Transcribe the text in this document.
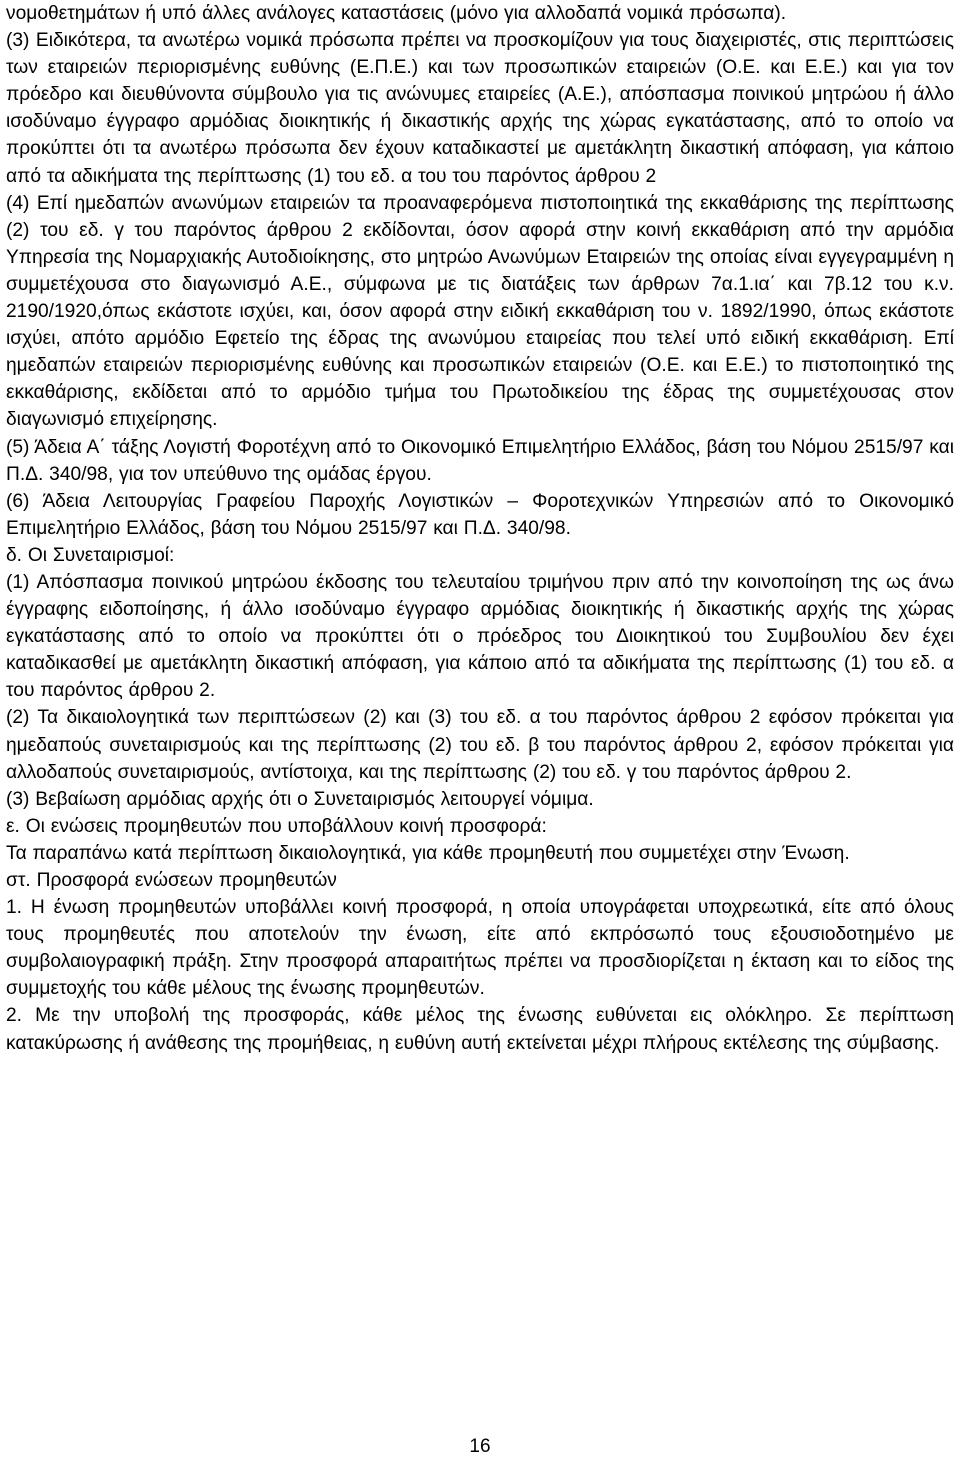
νομοθετημάτων ή υπό άλλες ανάλογες καταστάσεις (μόνο για αλλοδαπά νομικά πρόσωπα).

(3) Ειδικότερα, τα ανωτέρω νομικά πρόσωπα πρέπει να προσκομίζουν για τους διαχειριστές, στις περιπτώσεις των εταιρειών περιορισμένης ευθύνης (Ε.Π.Ε.) και των προσωπικών εταιρειών (Ο.Ε. και Ε.Ε.) και για τον πρόεδρο και διευθύνοντα σύμβουλο για τις ανώνυμες εταιρείες (Α.Ε.), απόσπασμα ποινικού μητρώου ή άλλο ισοδύναμο έγγραφο αρμόδιας διοικητικής ή δικαστικής αρχής της χώρας εγκατάστασης, από το οποίο να προκύπτει ότι τα ανωτέρω πρόσωπα δεν έχουν καταδικαστεί με αμετάκλητη δικαστική απόφαση, για κάποιο από τα αδικήματα της περίπτωσης (1) του εδ. α του του παρόντος άρθρου 2

(4) Επί ημεδαπών ανωνύμων εταιρειών τα προαναφερόμενα πιστοποιητικά της εκκαθάρισης της περίπτωσης (2) του εδ. γ του παρόντος άρθρου 2 εκδίδονται, όσον αφορά στην κοινή εκκαθάριση από την αρμόδια Υπηρεσία της Νομαρχιακής Αυτοδιοίκησης, στο μητρώο Ανωνύμων Εταιρειών της οποίας είναι εγγεγραμμένη η συμμετέχουσα στο διαγωνισμό Α.Ε., σύμφωνα με τις διατάξεις των άρθρων 7α.1.ια΄ και 7β.12 του κ.ν. 2190/1920,όπως εκάστοτε ισχύει, και, όσον αφορά στην ειδική εκκαθάριση του ν. 1892/1990, όπως εκάστοτε ισχύει, απότο αρμόδιο Εφετείο της έδρας της ανωνύμου εταιρείας που τελεί υπό ειδική εκκαθάριση. Επί ημεδαπών εταιρειών περιορισμένης ευθύνης και προσωπικών εταιρειών (Ο.Ε. και Ε.Ε.) το πιστοποιητικό της εκκαθάρισης, εκδίδεται από το αρμόδιο τμήμα του Πρωτοδικείου της έδρας της συμμετέχουσας στον διαγωνισμό επιχείρησης.

(5) Άδεια Α΄ τάξης Λογιστή Φοροτέχνη από το Οικονομικό Επιμελητήριο Ελλάδος, βάση του Νόμου 2515/97 και Π.Δ. 340/98, για τον υπεύθυνο της ομάδας έργου.

(6) Άδεια Λειτουργίας Γραφείου Παροχής Λογιστικών – Φοροτεχνικών Υπηρεσιών από το Οικονομικό Επιμελητήριο Ελλάδος, βάση του Νόμου 2515/97 και Π.Δ. 340/98.

δ. Οι Συνεταιρισμοί:

(1) Απόσπασμα ποινικού μητρώου έκδοσης του τελευταίου τριμήνου πριν από την κοινοποίηση της ως άνω έγγραφης ειδοποίησης, ή άλλο ισοδύναμο έγγραφο αρμόδιας διοικητικής ή δικαστικής αρχής της χώρας εγκατάστασης από το οποίο να προκύπτει ότι ο πρόεδρος του Διοικητικού του Συμβουλίου δεν έχει καταδικασθεί με αμετάκλητη δικαστική απόφαση, για κάποιο από τα αδικήματα της περίπτωσης (1) του εδ. α του παρόντος άρθρου 2.

(2) Τα δικαιολογητικά των περιπτώσεων (2) και (3) του εδ. α του παρόντος άρθρου 2 εφόσον πρόκειται για ημεδαπούς συνεταιρισμούς και της περίπτωσης (2) του εδ. β του παρόντος άρθρου 2, εφόσον πρόκειται για αλλοδαπούς συνεταιρισμούς, αντίστοιχα, και της περίπτωσης (2) του εδ. γ του παρόντος άρθρου 2.

(3) Βεβαίωση αρμόδιας αρχής ότι ο Συνεταιρισμός λειτουργεί νόμιμα.

ε. Οι ενώσεις προμηθευτών που υποβάλλουν κοινή προσφορά:

Τα παραπάνω κατά περίπτωση δικαιολογητικά, για κάθε προμηθευτή που συμμετέχει στην Ένωση.

στ. Προσφορά ενώσεων προμηθευτών

1. Η ένωση προμηθευτών υποβάλλει κοινή προσφορά, η οποία υπογράφεται υποχρεωτικά, είτε από όλους τους προμηθευτές που αποτελούν την ένωση, είτε από εκπρόσωπό τους εξουσιοδοτημένο με συμβολαιογραφική πράξη. Στην προσφορά απαραιτήτως πρέπει να προσδιορίζεται η έκταση και το είδος της συμμετοχής του κάθε μέλους της ένωσης προμηθευτών.

2. Με την υποβολή της προσφοράς, κάθε μέλος της ένωσης ευθύνεται εις ολόκληρο. Σε περίπτωση κατακύρωσης ή ανάθεσης της προμήθειας, η ευθύνη αυτή εκτείνεται μέχρι πλήρους εκτέλεσης της σύμβασης.

16
